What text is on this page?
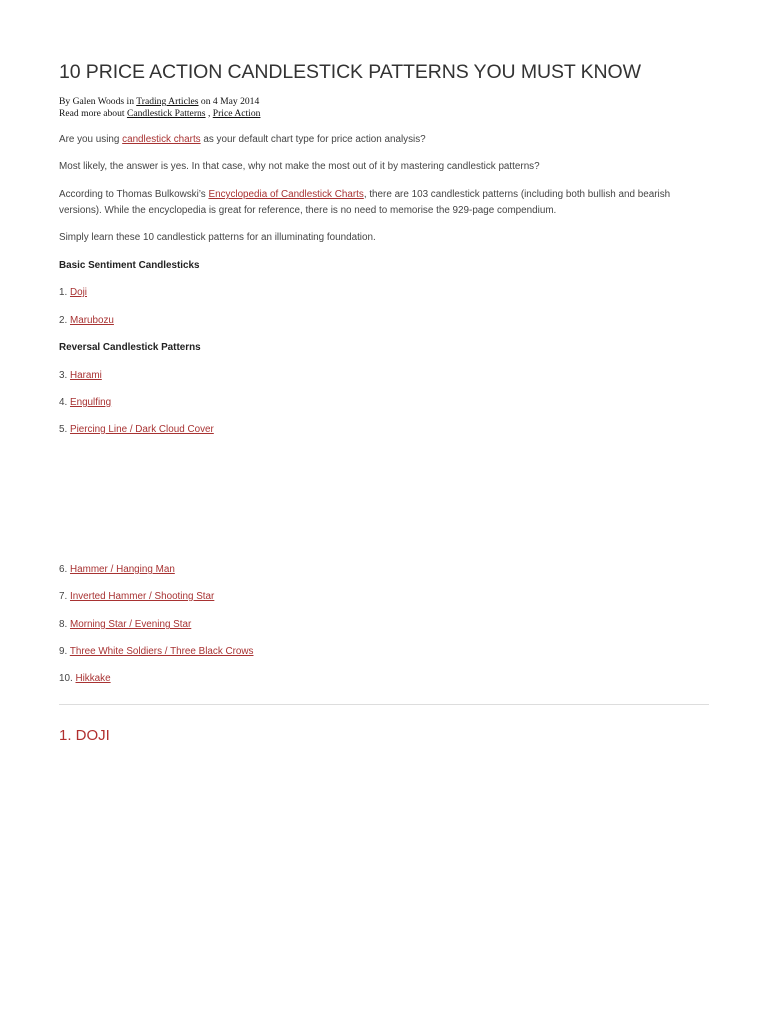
10 PRICE ACTION CANDLESTICK PATTERNS YOU MUST KNOW
By Galen Woods in Trading Articles on 4 May 2014
Read more about Candlestick Patterns , Price Action

Are you using candlestick charts as your default chart type for price action analysis?

Most likely, the answer is yes. In that case, why not make the most out of it by mastering candlestick patterns?

According to Thomas Bulkowski’s Encyclopedia of Candlestick Charts, there are 103 candlestick patterns (including both bullish and bearish versions). While the encyclopedia is great for reference, there is no need to memorise the 929-page compendium.

Simply learn these 10 candlestick patterns for an illuminating foundation.

Basic Sentiment Candlesticks

1. Doji

2. Marubozu

Reversal Candlestick Patterns

3. Harami

4. Engulfing

5. Piercing Line / Dark Cloud Cover

6. Hammer / Hanging Man

7. Inverted Hammer / Shooting Star

8. Morning Star / Evening Star

9. Three White Soldiers / Three Black Crows

10. Hikkake

1. DOJI
